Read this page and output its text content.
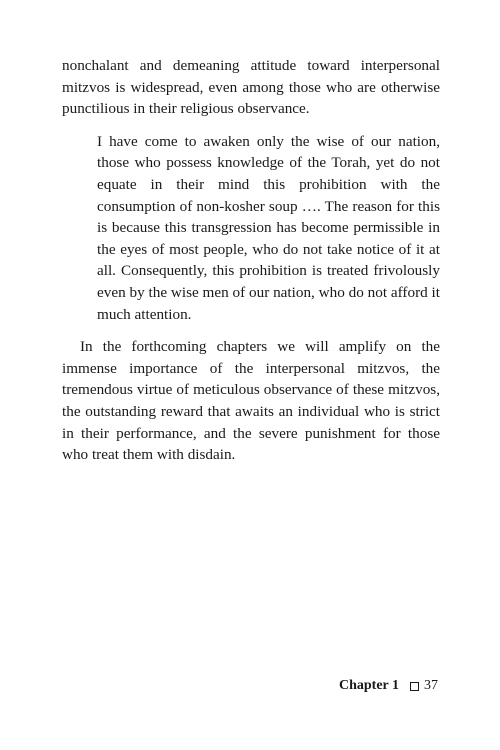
nonchalant and demeaning attitude toward interpersonal mitzvos is widespread, even among those who are otherwise punctilious in their religious observance.

I have come to awaken only the wise of our nation, those who possess knowledge of the Torah, yet do not equate in their mind this prohibition with the consumption of non-kosher soup …. The reason for this is because this transgression has become permissible in the eyes of most people, who do not take notice of it at all. Consequently, this prohibition is treated frivolously even by the wise men of our nation, who do not afford it much attention.

In the forthcoming chapters we will amplify on the immense importance of the interpersonal mitzvos, the tremendous virtue of meticulous observance of these mitzvos, the outstanding reward that awaits an individual who is strict in their performance, and the severe punishment for those who treat them with disdain.

Chapter 1 37
